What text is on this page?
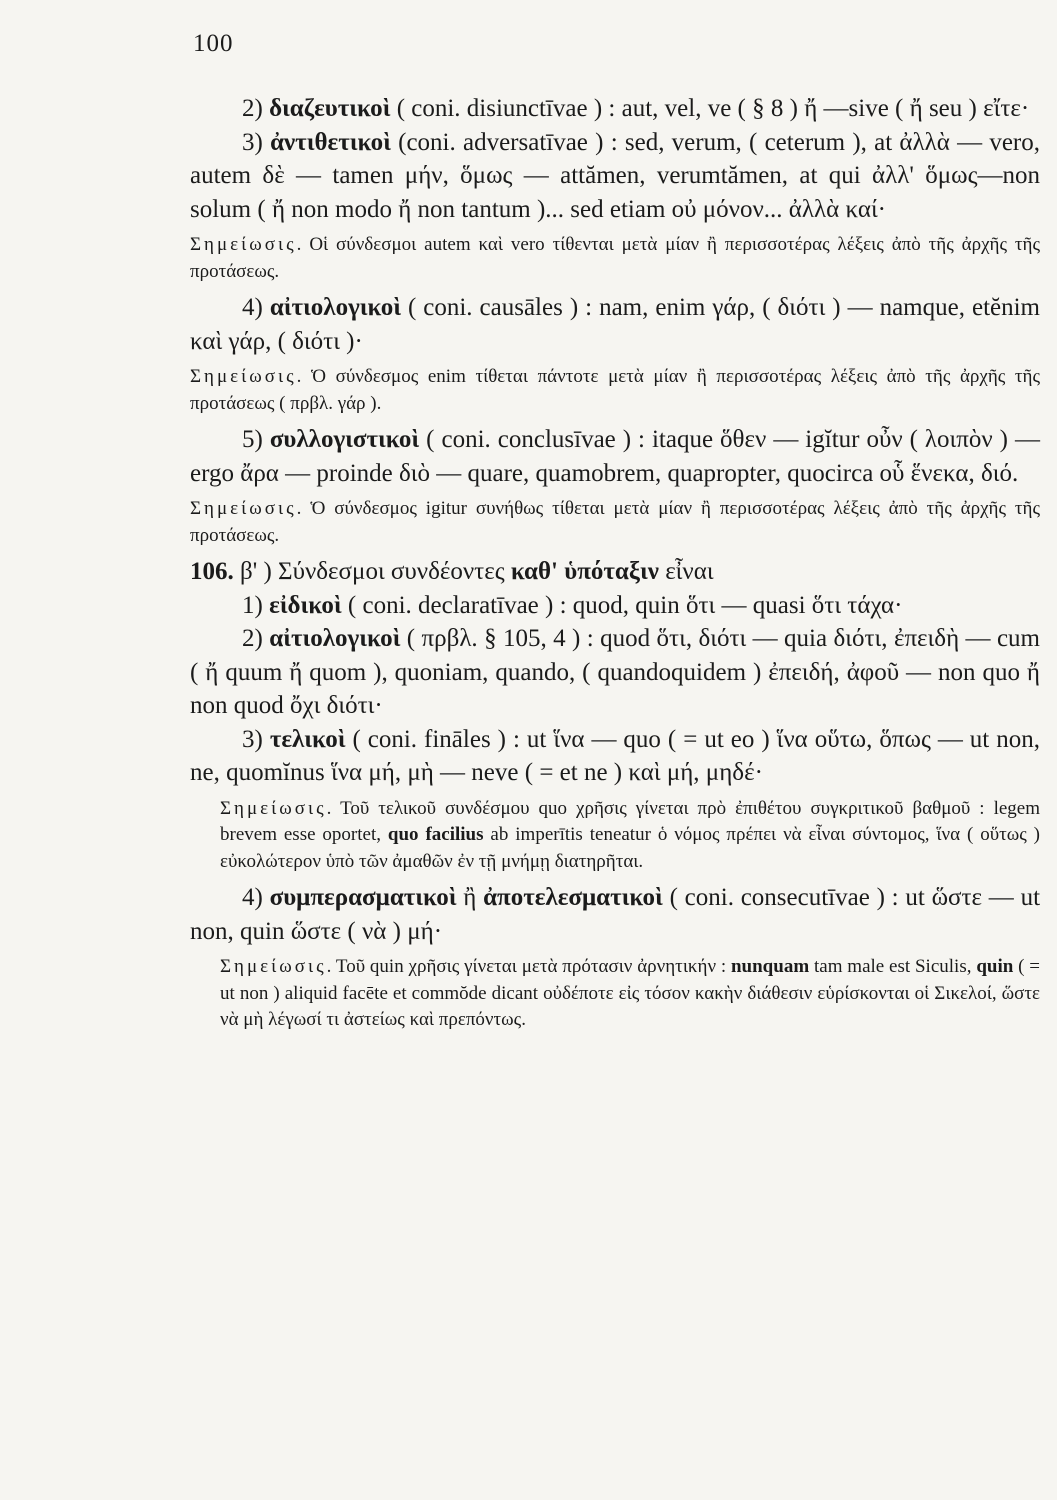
100

2) διαζευτικοὶ ( coni. disiunctīvae ) : aut, vel, ve ( § 8 ) ἤ —sive ( ἤ seu ) εἴτε·

3) ἀντιθετικοὶ (coni. adversatīvae ) : sed, verum, ( ceterum ), at ἀλλὰ — vero, autem δὲ — tamen μήν, ὅμως — attămen, verumtămen, at qui ἀλλ' ὅμως—non solum ( ἤ non modo ἤ non tantum )... sed etiam οὐ μόνον... ἀλλὰ καί·

Σημείωσις. Οἱ σύνδεσμοι autem καὶ vero τίθενται μετὰ μίαν ἢ περισσοτέρας λέξεις ἀπὸ τῆς ἀρχῆς τῆς προτάσεως.

4) αἰτιολογικοὶ ( coni. causāles ) : nam, enim γάρ, ( διότι ) — namque, etĕnim καὶ γάρ, ( διότι )·

Σημείωσις. Ὁ σύνδεσμος enim τίθεται πάντοτε μετὰ μίαν ἢ περισσοτέρας λέξεις ἀπὸ τῆς ἀρχῆς τῆς προτάσεως ( πρβλ. γάρ ).

5) συλλογιστικοὶ ( coni. conclusīvae ) : itaque ὅθεν — igĭtur οὖν ( λοιπὸν ) — ergo ἄρα — proinde διὸ — quare, quamobrem, quapropter, quocirca οὗ ἕνεκα, διό.

Σημείωσις. Ὁ σύνδεσμος igitur συνήθως τίθεται μετὰ μίαν ἢ περισσοτέρας λέξεις ἀπὸ τῆς ἀρχῆς τῆς προτάσεως.

106. β' ) Σύνδεσμοι συνδέοντες καθ' ὑπόταξιν εἶναι

1) εἰδικοὶ ( coni. declaratīvae ) : quod, quin ὅτι — quasi ὅτι τάχα·

2) αἰτιολογικοὶ ( πρβλ. § 105, 4 ) : quod ὅτι, διότι — quia διότι, ἐπειδὴ — cum ( ἤ quum ἤ quom ), quoniam, quando, ( quandoquidem ) ἐπειδή, ἀφοῦ — non quo ἤ non quod ὄχι διότι·

3) τελικοὶ ( coni. fināles ) : ut ἵνα — quo ( = ut eo ) ἵνα οὕτω, ὅπως — ut non, ne, quomĭnus ἵνα μή, μὴ — neve ( = et ne ) καὶ μή, μηδέ·

Σημείωσις. Τοῦ τελικοῦ συνδέσμου quo χρῆσις γίνεται πρὸ ἐπιθέτου συγκριτικοῦ βαθμοῦ : legem brevem esse oportet, quo facilius ab imperītis teneatur ὁ νόμος πρέπει νὰ εἶναι σύντομος, ἵνα ( οὕτως ) εὐκολώτερον ὑπὸ τῶν ἀμαθῶν ἐν τῇ μνήμῃ διατηρῆται.

4) συμπερασματικοὶ ἢ ἀποτελεσματικοὶ ( coni. consecutīvae ) : ut ὥστε — ut non, quin ὥστε ( νὰ ) μή·

Σημείωσις. Τοῦ quin χρῆσις γίνεται μετὰ πρότασιν ἀρνητικήν : nunquam tam male est Siculis, quin ( = ut non ) aliquid facēte et commŏde dicant οὐδέποτε εἰς τόσον κακὴν διάθεσιν εὑρίσκονται οἱ Σικελοί, ὥστε νὰ μὴ λέγωσί τι ἀστείως καὶ πρεπόντως.
